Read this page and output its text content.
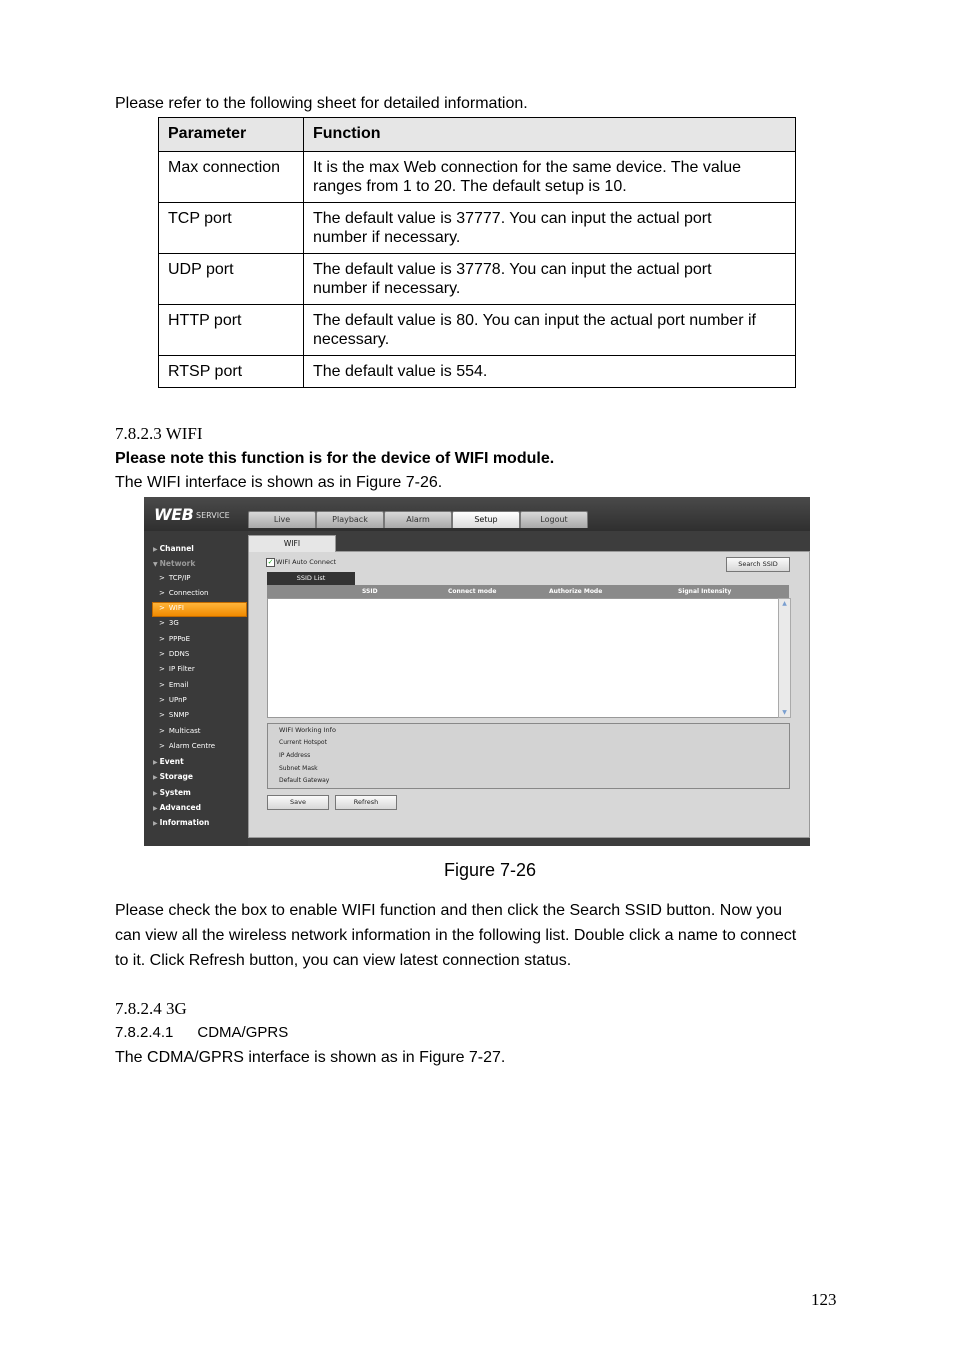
Please refer to the following sheet for detailed information.
Parameter	Function
Max connection	It is the max Web connection for the same device. The value
ranges from 1 to 20. The default setup is 10.
TCP port	The default value is 37777. You can input the actual port
number if necessary.
UDP port	The default value is 37778. You can input the actual port
number if necessary.
HTTP port	The default value is 80. You can input the actual port number if
necessary.
RTSP port	The default value is 554.
7.8.2.3 WIFI
Please note this function is for the device of WIFI module.
The WIFI interface is shown as in Figure 7-26.
WEB SERVICE	Live	Playback	Alarm	Setup	Logout
▶ Channel
▼ Network
> TCP/IP
> Connection
> WIFI
> 3G
> PPPoE
> DDNS
> IP Filter
> Email
> UPnP
> SNMP
> Multicast
> Alarm Centre
▶ Event
▶ Storage
▶ System
▶ Advanced
▶ Information
WIFI
✓ WIFI Auto Connect	Search SSID
SSID List
SSID	Connect mode	Authorize Mode	Signal Intensity
▲
▼
WIFI Working Info
Current Hotspot
IP Address
Subnet Mask
Default Gateway
Save	Refresh
Figure 7-26
Please check the box to enable WIFI function and then click the Search SSID button. Now you
can view all the wireless network information in the following list. Double click a name to connect
to it. Click Refresh button, you can view latest connection status.
7.8.2.4 3G
7.8.2.4.1 CDMA/GPRS
The CDMA/GPRS interface is shown as in Figure 7-27.
123
